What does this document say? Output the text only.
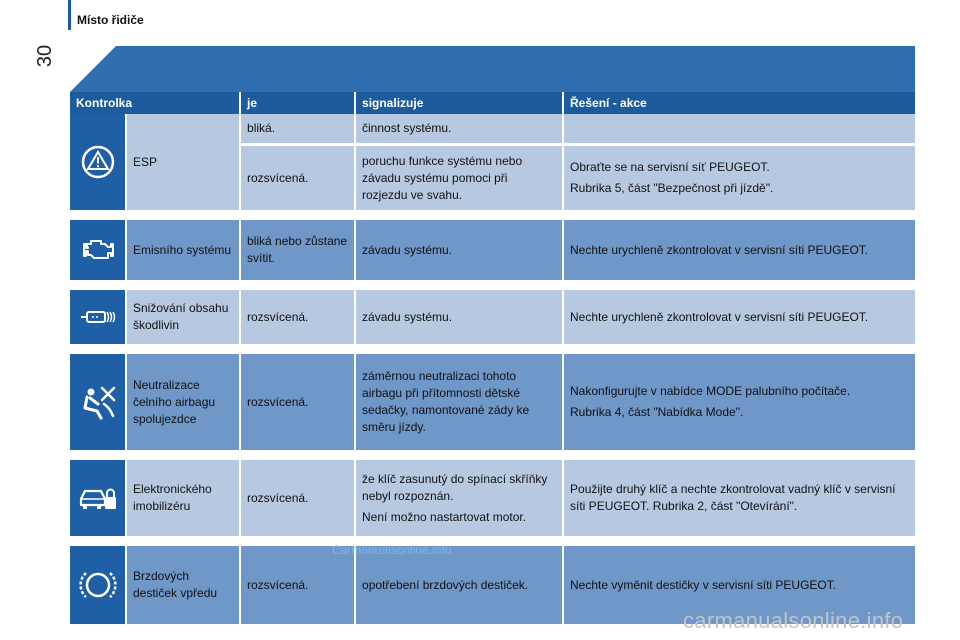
30
Místo řidiče
Kontrolka		je	signalizuje	Řešení - akce

	ESP	bliká.	činnost systému.	

		rozsvícená.	poruchu funkce systému nebo závadu systému pomoci při rozjezdu ve svahu.	Obraťte se na servisní síť PEUGEOT.

Rubrika 5, část "Bezpečnost při jízdě".

	Emisního systému	bliká nebo zůstane svítit.	závadu systému.	Nechte urychleně zkontrolovat v servisní síti PEUGEOT.

	Snižování obsahu škodlivin	rozsvícená.	závadu systému.	Nechte urychleně zkontrolovat v servisní síti PEUGEOT.

	Neutralizace čelního airbagu spolujezdce	rozsvícená.	záměrnou neutralizaci tohoto airbagu při přítomnosti dětské sedačky, namontované zády ke směru jízdy.	Nakonfigurujte v nabídce MODE palubního počítače.

Rubrika 4, část "Nabídka Mode".

	Elektronického imobilizéru	rozsvícená.	že klíč zasunutý do spínací skříňky nebyl rozpoznán.

Není možno nastartovat motor.	Použijte druhý klíč a nechte zkontrolovat vadný klíč v servisní síti PEUGEOT. Rubrika 2, část "Otevírání".

	Brzdových destiček vpředu	rozsvícená.	opotřebení brzdových destiček.	Nechte vyměnit destičky v servisní síti PEUGEOT.
Carmanualsonline.info
carmanualsonline.info
